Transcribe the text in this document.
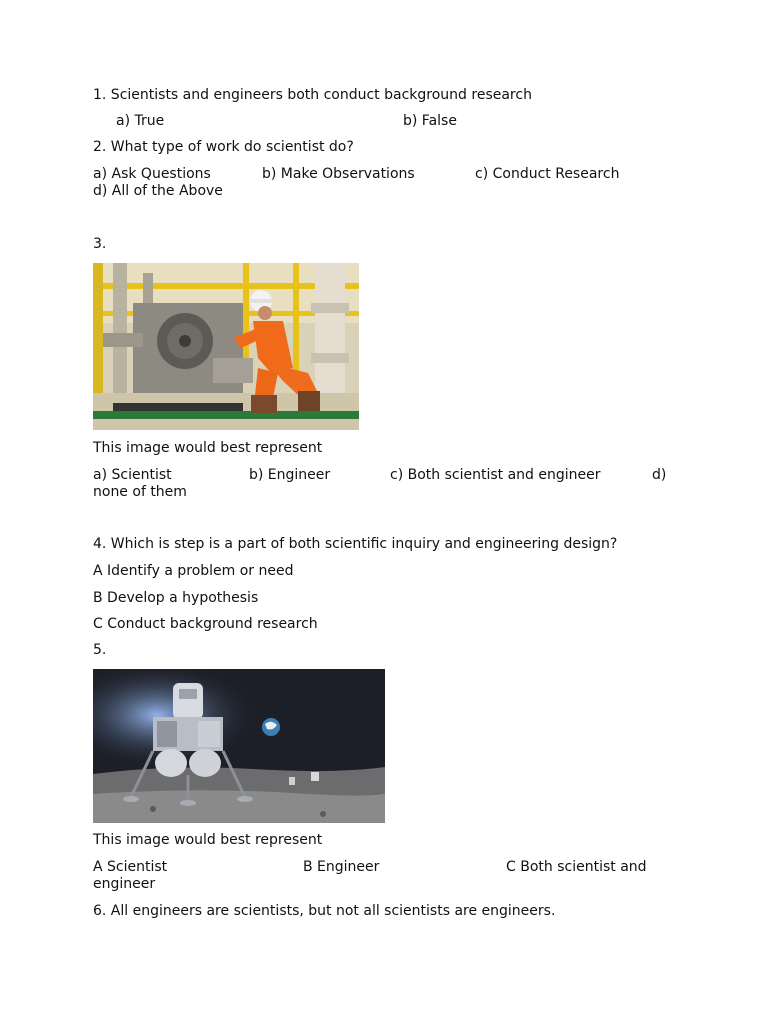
1. Scientists and engineers both conduct background research
a) True	b) False
2. What type of work do scientist do?
a) Ask Questions	b) Make Observations	c) Conduct Research
d) All of the Above
3.
This image would best represent
a) Scientist	b) Engineer	c) Both scientist and engineer	d)
none of them
4. Which is step is a part of both scientific inquiry and engineering design?
A Identify a problem or need
B Develop a hypothesis
C Conduct background research
5.
This image would best represent
A Scientist	B Engineer	C Both scientist and
engineer
6. All engineers are scientists, but not all scientists are engineers.
